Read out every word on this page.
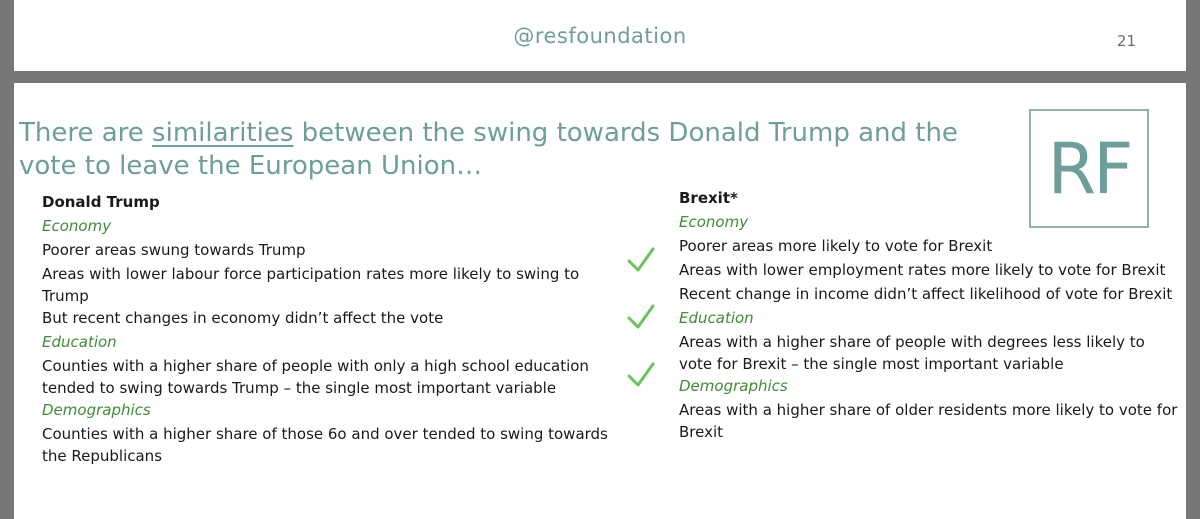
@resfoundation	21
There are similarities between the swing towards Donald Trump and the vote to leave the European Union…	RF
Donald Trump
Economy
Poorer areas swung towards Trump
Areas with lower labour force participation rates more likely to swing to Trump
But recent changes in economy didn’t affect the vote
Education
Counties with a higher share of people with only a high school education tended to swing towards Trump – the single most important variable
Demographics
Counties with a higher share of those 6o and over tended to swing towards the Republicans
Brexit*
Economy
Poorer areas more likely to vote for Brexit
Areas with lower employment rates more likely to vote for Brexit
Recent change in income didn’t affect likelihood of vote for Brexit
Education
Areas with a higher share of people with degrees less likely to vote for Brexit – the single most important variable
Demographics
Areas with a higher share of older residents more likely to vote for Brexit
